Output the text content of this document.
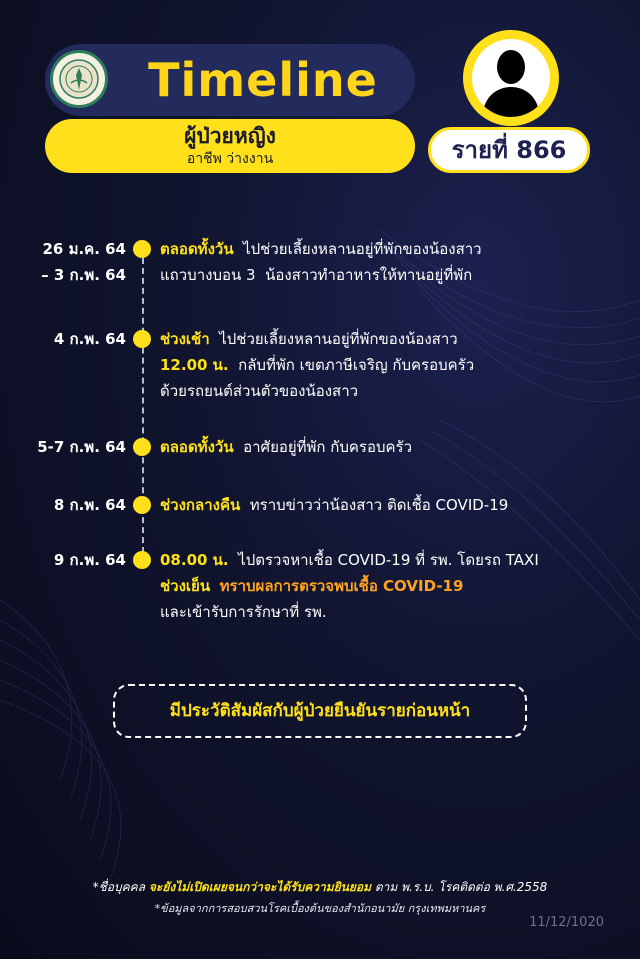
Timeline
ผู้ป่วยหญิง
อาชีพ ว่างงาน	รายที่ 866
26 ม.ค. 64
– 3 ก.พ. 64
ตลอดทั้งวัน  ไปช่วยเลี้ยงหลานอยู่ที่พักของน้องสาว
แถวบางบอน 3  น้องสาวทำอาหารให้ทานอยู่ที่พัก
4 ก.พ. 64 ช่วงเช้า  ไปช่วยเลี้ยงหลานอยู่ที่พักของน้องสาว
12.00 น.  กลับที่พัก เขตภาษีเจริญ กับครอบครัว
ด้วยรถยนต์ส่วนตัวของน้องสาว
5-7 ก.พ. 64 ตลอดทั้งวัน  อาศัยอยู่ที่พัก กับครอบครัว
8 ก.พ. 64 ช่วงกลางคืน  ทราบข่าวว่าน้องสาว ติดเชื้อ COVID-19
9 ก.พ. 64 08.00 น.  ไปตรวจหาเชื้อ COVID-19 ที่ รพ. โดยรถ TAXI
ช่วงเย็น ทราบผลการตรวจพบเชื้อ COVID-19
และเข้ารับการรักษาที่ รพ.
มีประวัติสัมผัสกับผู้ป่วยยืนยันรายก่อนหน้า
*ชื่อบุคคล จะยังไม่เปิดเผยจนกว่าจะได้รับความยินยอม ตาม พ.ร.บ. โรคติดต่อ พ.ศ.2558
*ข้อมูลจากการสอบสวนโรคเบื้องต้นของสำนักอนามัย กรุงเทพมหานคร
11/12/1020
